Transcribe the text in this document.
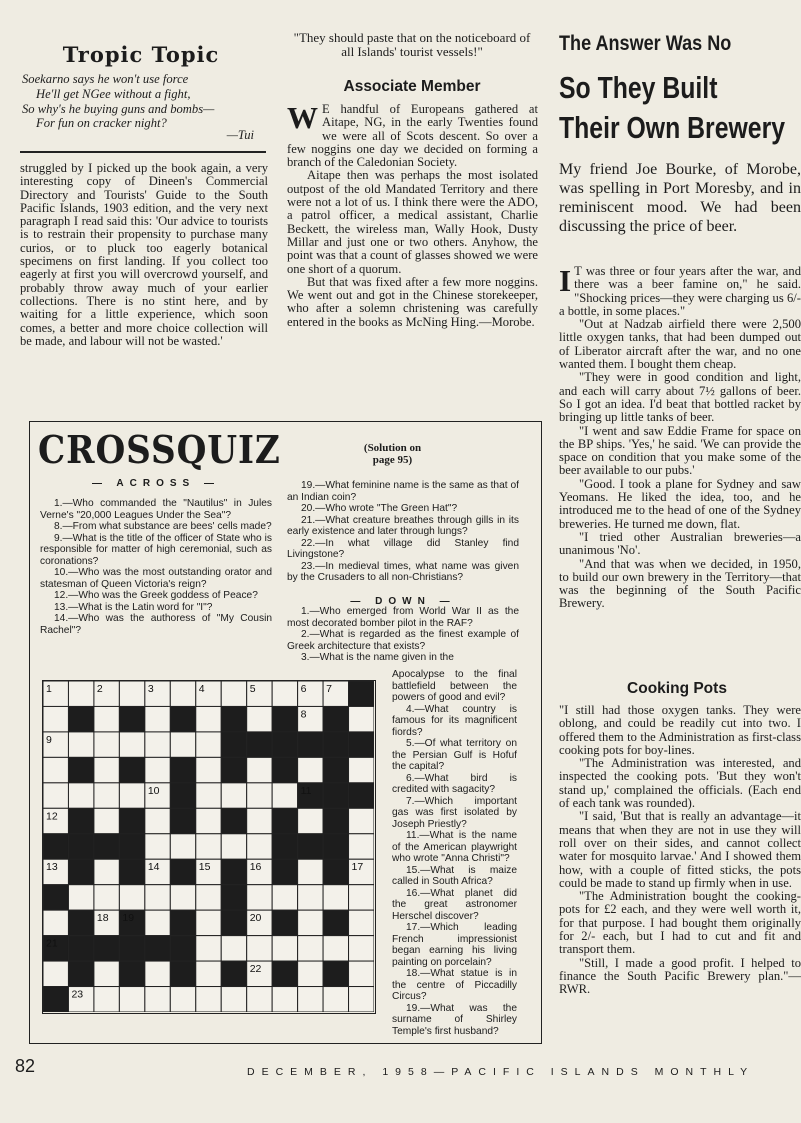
Tropic Topic
Soekarno says he won't use force
He'll get NGee without a fight,
So why's he buying guns and bombs—
For fun on cracker night?
—Tui

struggled by I picked up the book again, a very interesting copy of Dineen's Commercial Directory and Tourists' Guide to the South Pacific Islands, 1903 edition, and the very next paragraph I read said this: 'Our advice to tourists is to restrain their propensity to purchase many curios, or to pluck too eagerly botanical specimens on first landing. If you collect too eagerly at first you will overcrowd yourself, and probably throw away much of your earlier collections. There is no stint here, and by waiting for a little experience, which soon comes, a better and more choice collection will be made, and labour will not be wasted.'

"They should paste that on the noticeboard of all Islands' tourist vessels!"
Associate Member

W E handful of Europeans gathered at Aitape, NG, in the early Twenties found we were all of Scots descent. So over a few noggins one day we decided on forming a branch of the Caledonian Society.

Aitape then was perhaps the most isolated outpost of the old Mandated Territory and there were not a lot of us. I think there were the ADO, a patrol officer, a medical assistant, Charlie Beckett, the wireless man, Wally Hook, Dusty Millar and just one or two others. Anyhow, the point was that a count of glasses showed we were one short of a quorum.

But that was fixed after a few more noggins. We went out and got in the Chinese storekeeper, who after a solemn christening was carefully entered in the books as McNing Hing.—Morobe.

The Answer Was No
So They Built
Their Own Brewery
My friend Joe Bourke, of Morobe, was spelling in Port Moresby, and in reminiscent mood. We had been discussing the price of beer.

I T was three or four years after the war, and there was a beer famine on," he said. "Shocking prices—they were charging us 6/- a bottle, in some places."

"Out at Nadzab airfield there were 2,500 little oxygen tanks, that had been dumped out of Liberator aircraft after the war, and no one wanted them. I bought them cheap.

"They were in good condition and light, and each will carry about 7½ gallons of beer. So I got an idea. I'd beat that bottled racket by bringing up little tanks of beer.

"I went and saw Eddie Frame for space on the BP ships. 'Yes,' he said. 'We can provide the space on condition that you make some of the beer available to our pubs.'

"Good. I took a plane for Sydney and saw Yeomans. He liked the idea, too, and he introduced me to the head of one of the Sydney breweries. He turned me down, flat.

"I tried other Australian breweries—a unanimous 'No'.

"And that was when we decided, in 1950, to build our own brewery in the Territory—that was the beginning of the South Pacific Brewery.

Cooking Pots

"I still had those oxygen tanks. They were oblong, and could be readily cut into two. I offered them to the Administration as first-class cooking pots for boy-lines.

"The Administration was interested, and inspected the cooking pots. 'But they won't stand up,' complained the officials. (Each end of each tank was rounded).

"I said, 'But that is really an advantage—it means that when they are not in use they will roll over on their sides, and cannot collect water for mosquito larvae.' And I showed them how, with a couple of fitted sticks, the pots could be made to stand up firmly when in use.

"The Administration bought the cooking-pots for £2 each, and they were well worth it, for that purpose. I had bought them originally for 2/- each, but I had to cut and fit and transport them.

"Still, I made a good profit. I helped to finance the South Pacific Brewery plan."—RWR.

CROSSQUIZ	(Solution on page 95)
— ACROSS —

1.—Who commanded the "Nautilus" in Jules Verne's "20,000 Leagues Under the Sea"?

8.—From what substance are bees' cells made?

9.—What is the title of the officer of State who is responsible for matter of high ceremonial, such as coronations?

10.—Who was the most outstanding orator and statesman of Queen Victoria's reign?

12.—Who was the Greek goddess of Peace?

13.—What is the Latin word for "I"?

14.—Who was the authoress of "My Cousin Rachel"?

19.—What feminine name is the same as that of an Indian coin?

20.—Who wrote "The Green Hat"?

21.—What creature breathes through gills in its early existence and later through lungs?

22.—In what village did Stanley find Livingstone?

23.—In medieval times, what name was given by the Crusaders to all non-Christians?

— DOWN —

1.—Who emerged from World War II as the most decorated bomber pilot in the RAF?

2.—What is regarded as the finest example of Greek architecture that exists?

3.—What is the name given in the

Apocalypse to the final battlefield between the powers of good and evil?

4.—What country is famous for its magnificent fiords?

5.—Of what territory on the Persian Gulf is Hofuf the capital?

6.—What bird is credited with sagacity?

7.—Which important gas was first isolated by Joseph Priestly?

11.—What is the name of the American playwright who wrote "Anna Christi"?

15.—What is maize called in South Africa?

16.—What planet did the great astronomer Herschel discover?

17.—Which leading French impressionist began earning his living painting on porcelain?

18.—What statue is in the centre of Piccadilly Circus?

19.—What was the surname of Shirley Temple's first husband?

1	2	3	4	5	6 7
8
9
10	11
12
13	14	15	16	17
18 19	20
21
22
23
82	DECEMBER, 1958—PACIFIC ISLANDS MONTHLY
